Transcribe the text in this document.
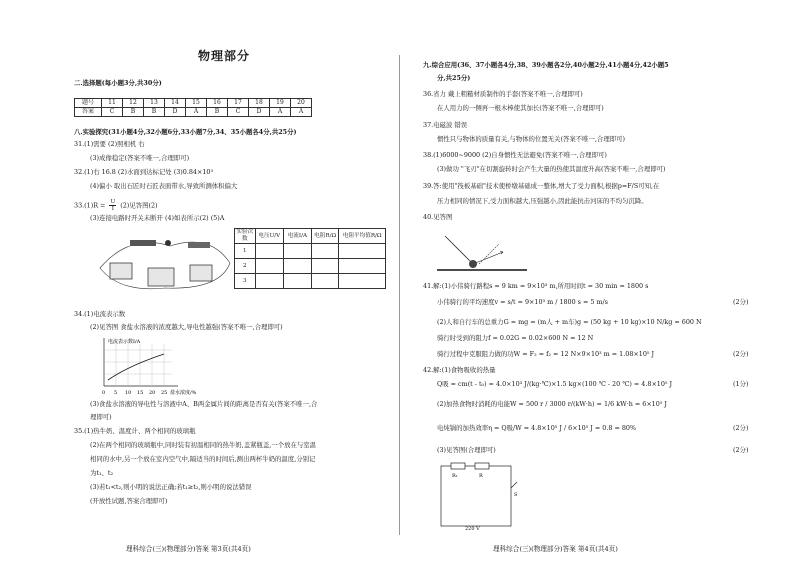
物理部分
二.选择题(每小题3分,共30分)
题号	11	12	13	14	15	16	17	18	19	20
答案	C	B	B	D	A	B	C	D	A	A
八.实验探究(31小题4分,32小题6分,33小题7分,34、35小题各4分,共25分)
31.(1)需要 (2)照相机 右
(3)成像稳定(答案不唯一,合理即可)
32.(1)右 16.8 (2)水面到达标记处 (3)0.84×10³
(4)偏小 取出石匠时石匠表面带水,导致所测体积偏大
$33.(1)R = \frac{U}{I} (2)$见答图(2)
(3)连接电路时开关未断开 (4)如表所示(2) (5)A
实验次数	电压U/V	电流I/A	电阻R/Ω	电阻平均值R/Ω
1				
2				
3				
34.(1)电流表示数
(2)见答图 食盐水溶液的浓度越大,导电性越强(答案不唯一,合理即可)
电流表示数I/A
0 5 10 15 20 25 盐水浓度/%
(3)食盐水溶液的导电性与溶液中A、B两金属片间的距离是否有关(答案不唯一,合
理即可)
35.(1)热牛奶、温度计、两个相同的玻璃瓶
(2)在两个相同的玻璃瓶中,同时装有初温相同的热牛奶,盖紧瓶盖,一个放在与室温
相同的水中,另一个放在室内空气中,隔适当的时间后,测出两杯牛奶的温度,分别记
为t₁、t₂
(3)若t₁<t₂,则小明的说法正确;若t₁≥t₂,则小明的说法错误
(开放性试题,答案合理即可)
理科综合(三)(物理部分)答案 第3页(共4页)
九.综合应用(36、37小题各4分,38、39小题各2分,40小题2分,41小题4分,42小题5
分,共25分)
36.省力 戴上粗糙材质制作的手套(答案不唯一,合理即可)
在人用力的一侧再一根木棒使其加长(答案不唯一,合理即可)
37.电磁波 错误
惯性只与物体的质量有关,与物体的位置无关(答案不唯一,合理即可)
38.(1)6000~9000 (2)自身惯性无法避免(答案不唯一,合理即可)
(3)做功 "飞刃"在切割旋转时会产生大量的热使其温度升高(答案不唯一,合理即可)
39.答:使用"筏板基础"技术使桥墩基础成一整体,增大了受力面积,根据p=F/S可知,在
压力相同的情况下,受力面积越大,压强越小,因此能抗击河床的不均匀沉降。
40.见答图
41.解:(1)小伟骑行路程s = 9 km = 9×10³ m,所用时间t = 30 min = 1800 s
小伟骑行的平均速度v = s/t = 9×10³ m / 1800 s = 5 m/s	(2分)
(2)人和自行车的总重力G = mg = (m人 + m车)g = (50 kg + 10 kg)×10 N/kg = 600 N
骑行时受到的阻力f = 0.02G = 0.02×600 N = 12 N
骑行过程中克服阻力做的功W = F₂ = f₂ = 12 N×9×10³ m = 1.08×10⁵ J	(2分)
42.解:(1)食物吸收的热量
Q吸 = cm(t - t₀) = 4.0×10³ J/(kg·℃)×1.5 kg×(100 ℃ - 20 ℃) = 4.8×10⁵ J	(1分)
(2)加热食物时消耗的电能W = 500 r / 3000 r/(kW·h) = 1/6 kW·h = 6×10⁵ J
电炖锅的加热效率η = Q吸/W = 4.8×10⁵ J / 6×10⁵ J = 0.8 = 80%	(2分)
(3)见答图(合理即可)	(2分)
R₁	R
S
220 V
理科综合(三)(物理部分)答案 第4页(共4页)
